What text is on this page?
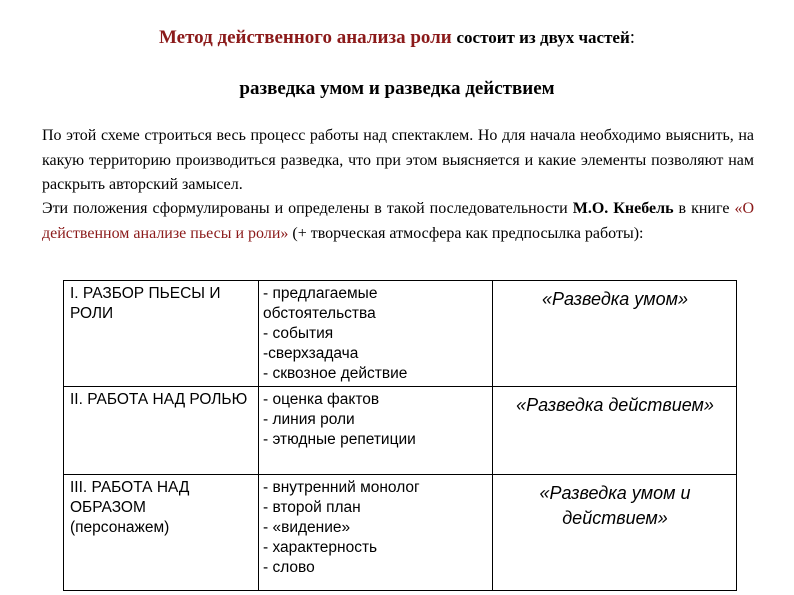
Метод действенного анализа роли состоит из двух частей:
разведка умом и разведка действием
По этой схеме строиться весь процесс работы над спектаклем. Но для начала необходимо выяснить, на какую территорию производиться разведка, что при этом выясняется и какие элементы позволяют нам раскрыть авторский замысел.
Эти положения сформулированы и определены в такой последовательности М.О. Кнебель в книге «О действенном анализе пьесы и роли» (+ творческая атмосфера как предпосылка работы):
I. РАЗБОР ПЬЕСЫ И РОЛИ	- предлагаемые обстоятельства
- события
-сверхзадача
- сквозное действие	«Разведка умом»
II. РАБОТА НАД РОЛЬЮ	- оценка фактов
- линия роли
- этюдные репетиции	«Разведка действием»

III. РАБОТА НАД ОБРАЗОМ
(персонажем)	- внутренний монолог
- второй план
- «видение»
- характерность
- слово	«Разведка умом и действием»
